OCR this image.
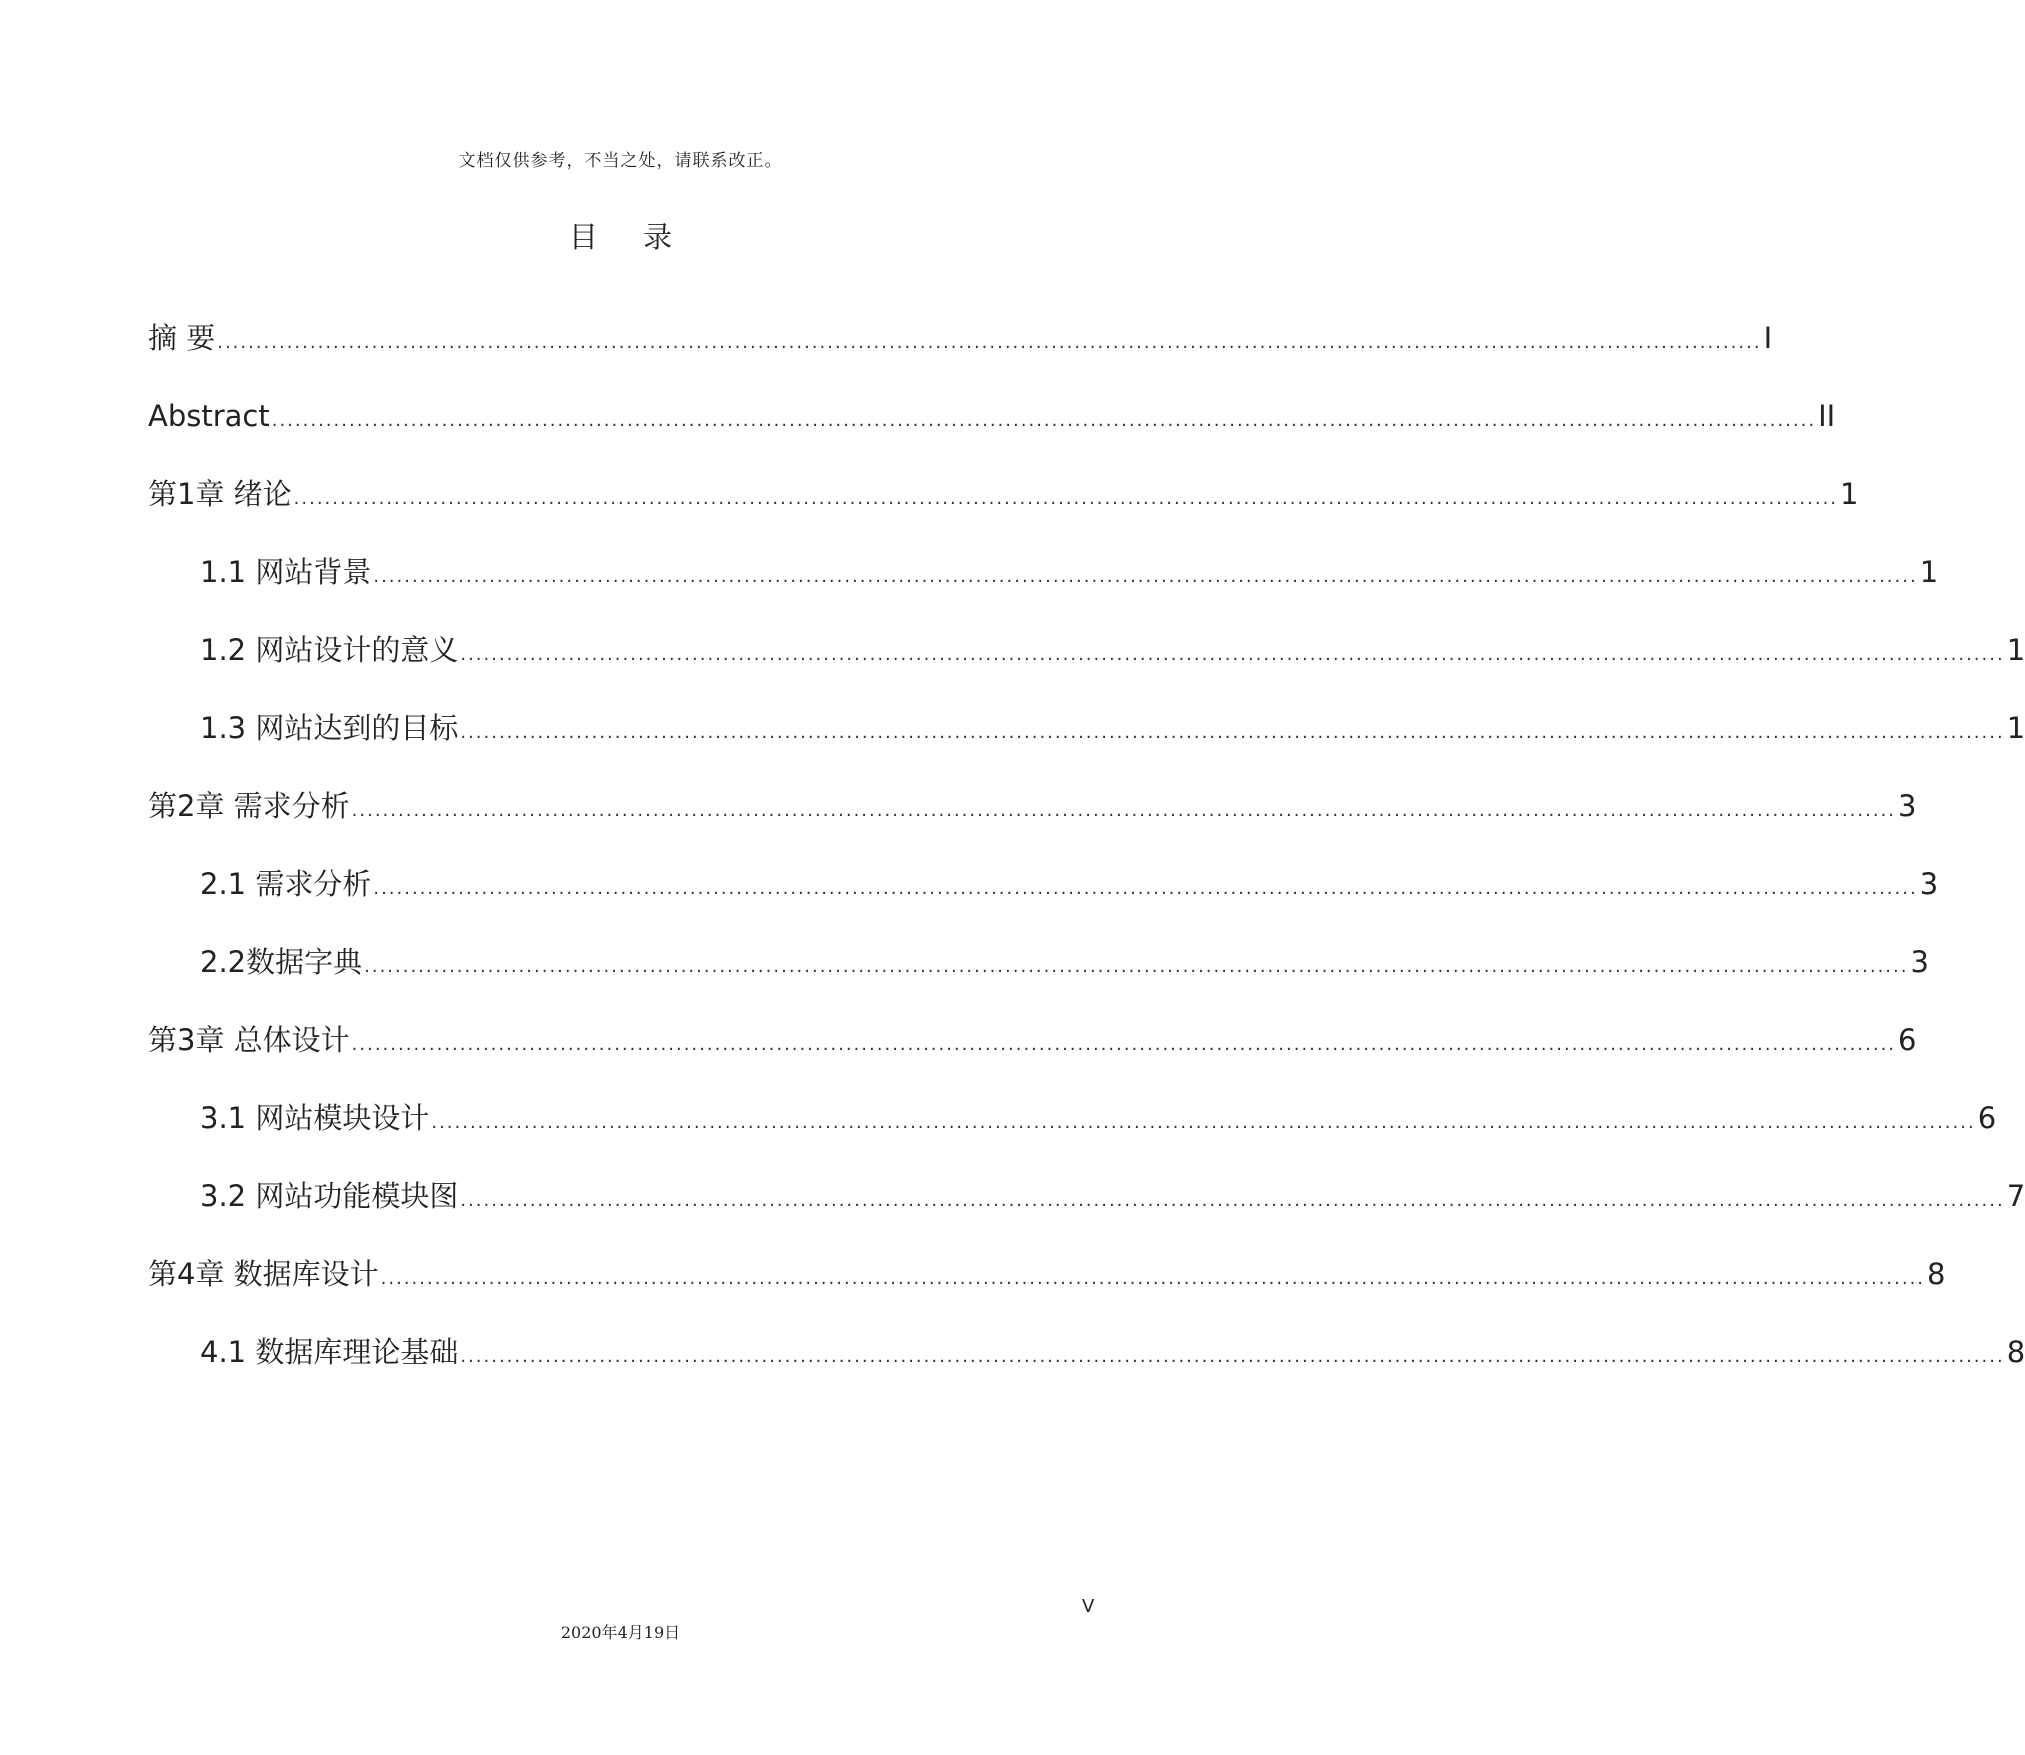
文档仅供参考，不当之处，请联系改正。
目 录
摘 要 ........................................................................................................................................................................................................ I
Abstract ........................................................................................................................................................................................................ II
第1章 绪论 ........................................................................................................................................................................................................ 1
1.1 网站背景 ........................................................................................................................................................................................................ 1
1.2 网站设计的意义 ........................................................................................................................................................................................................ 1
1.3 网站达到的目标 ........................................................................................................................................................................................................ 1
第2章 需求分析 ........................................................................................................................................................................................................ 3
2.1 需求分析 ........................................................................................................................................................................................................ 3
2.2数据字典 ........................................................................................................................................................................................................ 3
第3章 总体设计 ........................................................................................................................................................................................................ 6
3.1 网站模块设计 ........................................................................................................................................................................................................ 6
3.2 网站功能模块图 ........................................................................................................................................................................................................ 7
第4章 数据库设计 ........................................................................................................................................................................................................ 8
4.1 数据库理论基础 ........................................................................................................................................................................................................ 8
V
2020年4月19日
